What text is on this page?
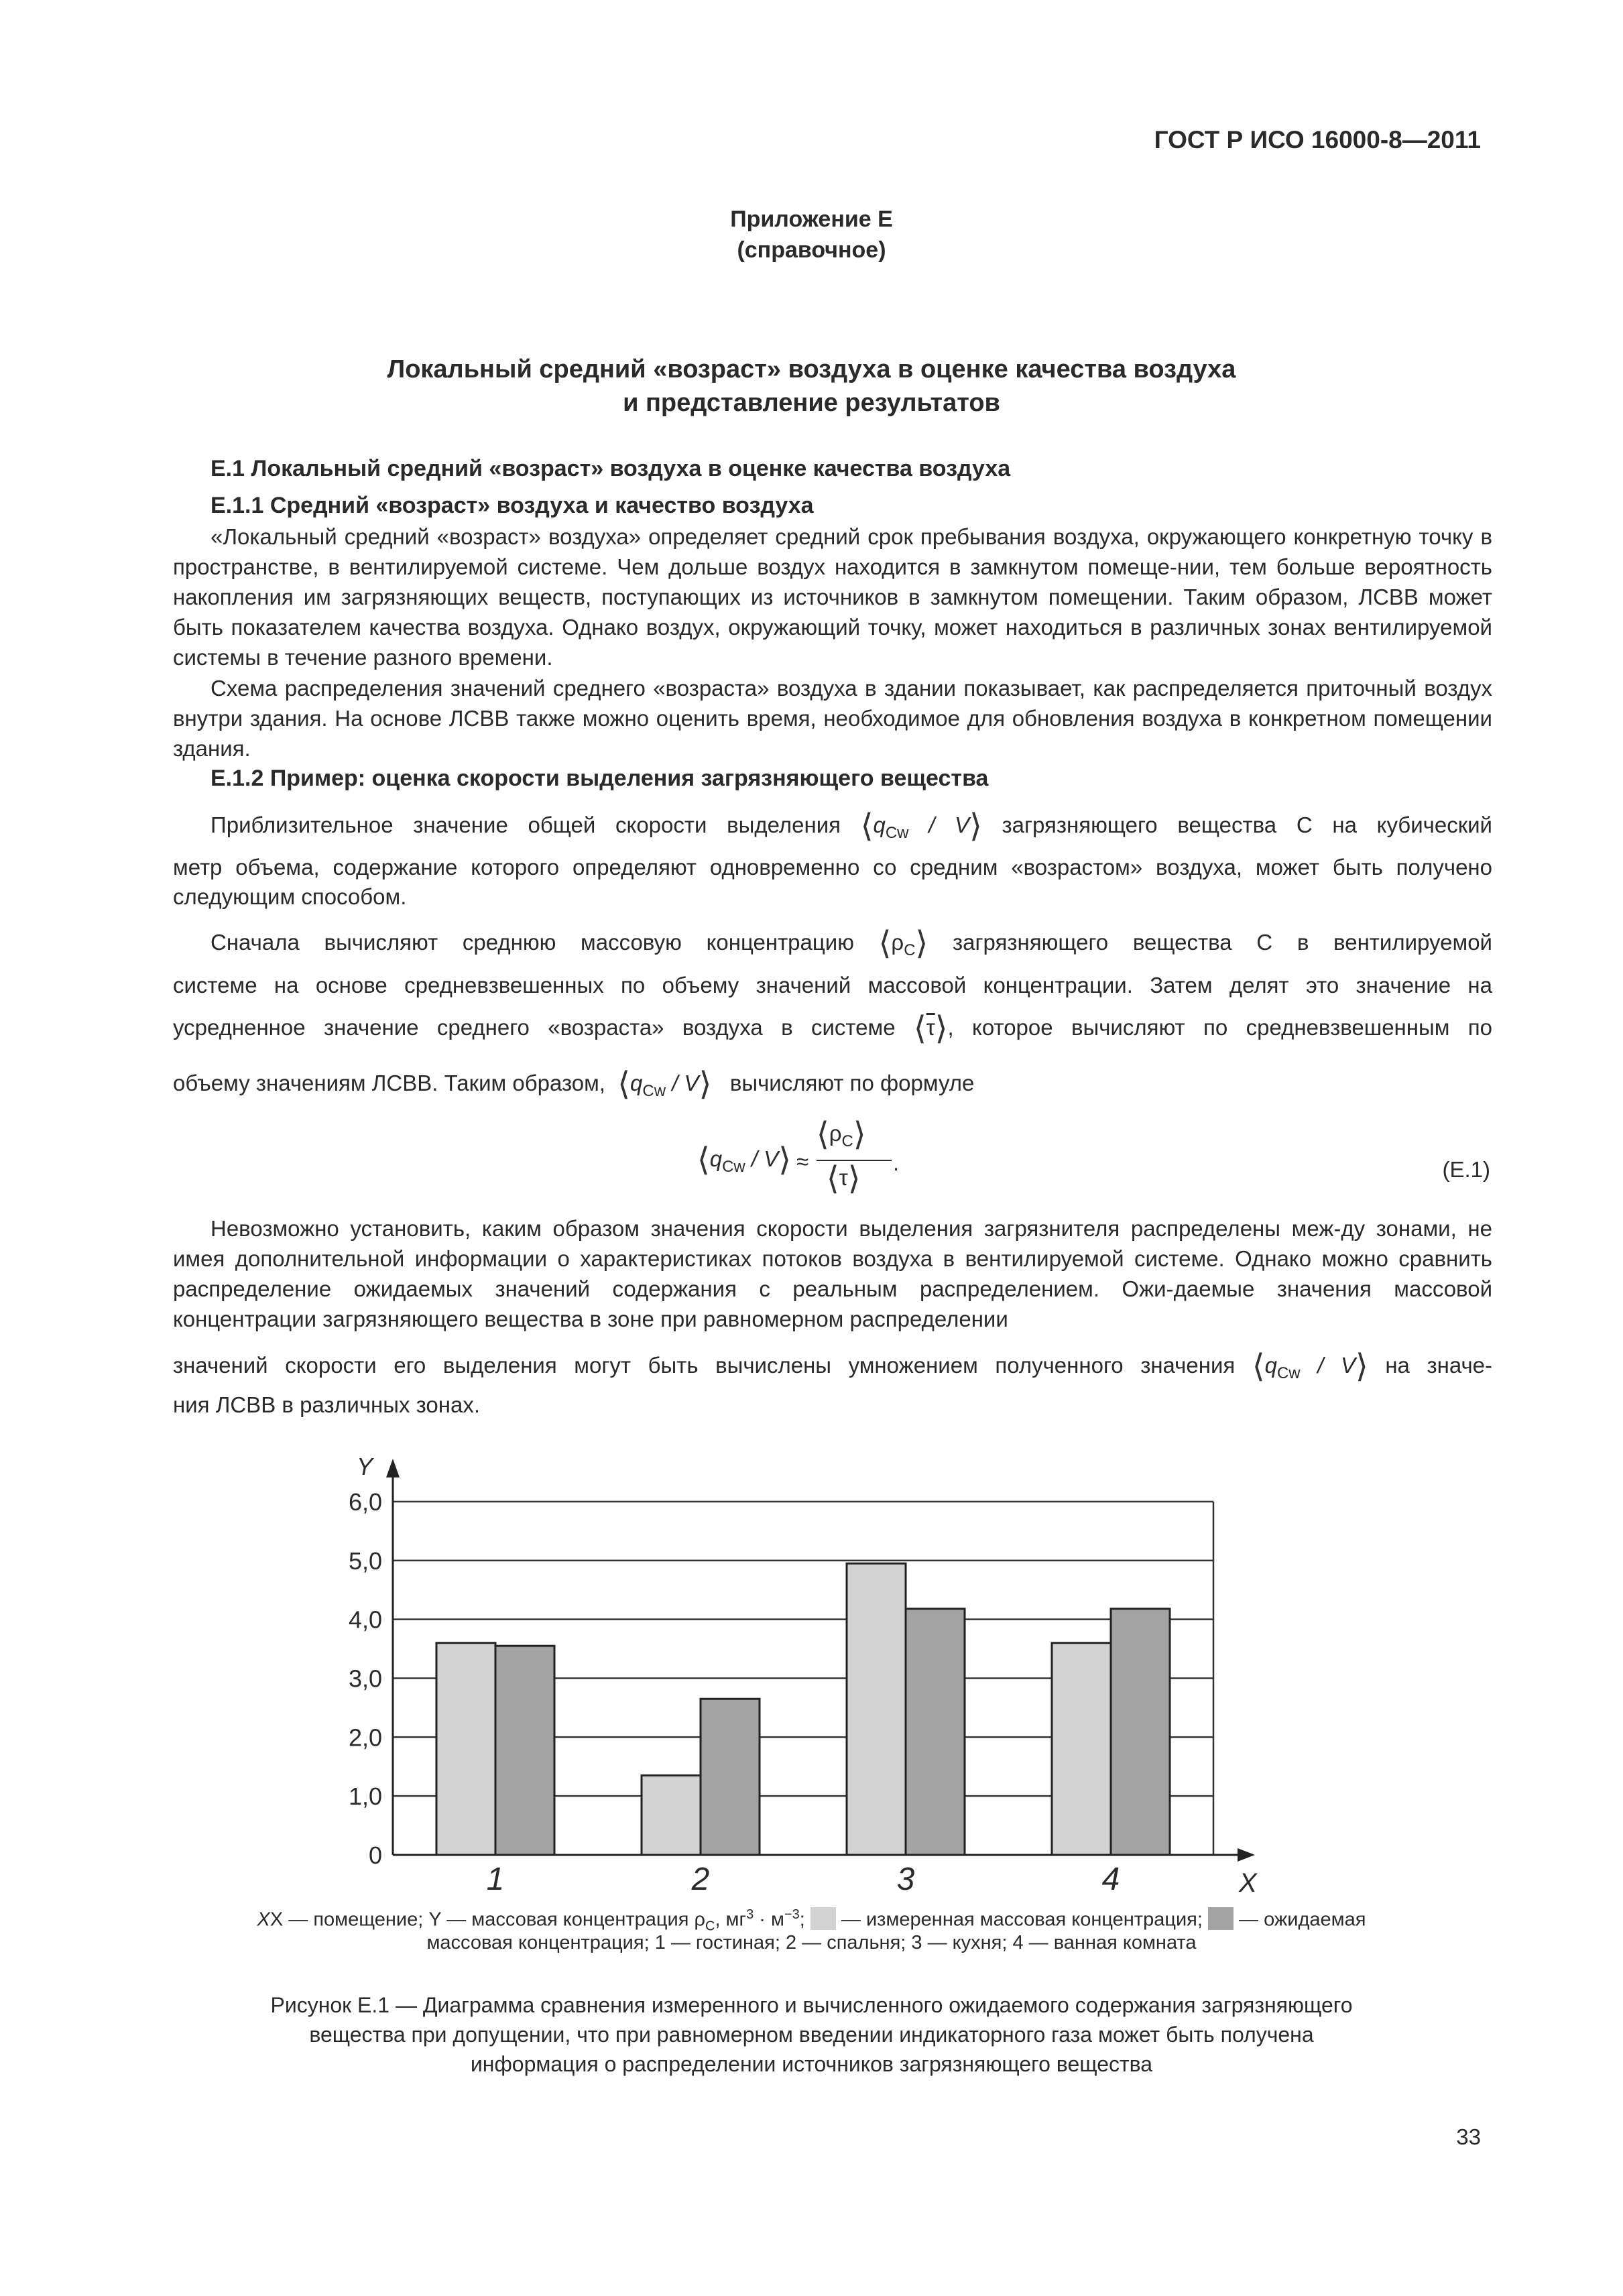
ГОСТ Р ИСО 16000-8—2011
Приложение Е
(справочное)
Локальный средний «возраст» воздуха в оценке качества воздуха
и представление результатов
Е.1 Локальный средний «возраст» воздуха в оценке качества воздуха
Е.1.1 Средний «возраст» воздуха и качество воздуха
«Локальный средний «возраст» воздуха» определяет средний срок пребывания воздуха, окружающего конкретную точку в пространстве, в вентилируемой системе. Чем дольше воздух находится в замкнутом помеще-нии, тем больше вероятность накопления им загрязняющих веществ, поступающих из источников в замкнутом помещении. Таким образом, ЛСВВ может быть показателем качества воздуха. Однако воздух, окружающий точку, может находиться в различных зонах вентилируемой системы в течение разного времени.
Схема распределения значений среднего «возраста» воздуха в здании показывает, как распределяется приточный воздух внутри здания. На основе ЛСВВ также можно оценить время, необходимое для обновления воздуха в конкретном помещении здания.
Е.1.2 Пример: оценка скорости выделения загрязняющего вещества
Приблизительное значение общей скорости выделения $⟨q_{Cw}$ / V⟩ загрязняющего вещества С на кубический
метр объема, содержание которого определяют одновременно со средним «возрастом» воздуха, может быть получено следующим способом.
Сначала вычисляют среднюю массовую концентрацию $⟨\rho_C⟩$ загрязняющего вещества С в вентилируемой
системе на основе средневзвешенных по объему значений массовой концентрации. Затем делят это значение на
усредненное значение среднего «возраста» воздуха в системе $⟨\overline{\tau}⟩$, которое вычисляют по средневзвешенным по
объему значениям ЛСВВ. Таким образом, $⟨q_{Cw}$ / V⟩ вычисляют по формуле
$⟨q_{Cw}$ / V⟩ ≈
$⟨\rho_C⟩$
⟨τ⟩ .	(Е.1)
Невозможно установить, каким образом значения скорости выделения загрязнителя распределены меж-ду зонами, не имея дополнительной информации о характеристиках потоков воздуха в вентилируемой системе. Однако можно сравнить распределение ожидаемых значений содержания с реальным распределением. Ожи-даемые значения массовой концентрации загрязняющего вещества в зоне при равномерном распределении
значений скорости его выделения могут быть вычислены умножением полученного значения $⟨q_{Cw}$ / V⟩ на значе-
ния ЛСВВ в различных зонах.
0
1,0
2,0
3,0
4,0
5,0
6,0
1	2	3	4	X
Y
XX — помещение; Y — массовая концентрация $\rho_C$, $мг^3 \cdot м^{-3}$; — измеренная массовая концентрация; — ожидаемая
массовая концентрация; 1 — гостиная; 2 — спальня; 3 — кухня; 4 — ванная комната
Рисунок Е.1 — Диаграмма сравнения измеренного и вычисленного ожидаемого содержания загрязняющего
вещества при допущении, что при равномерном введении индикаторного газа может быть получена
информация о распределении источников загрязняющего вещества
33
